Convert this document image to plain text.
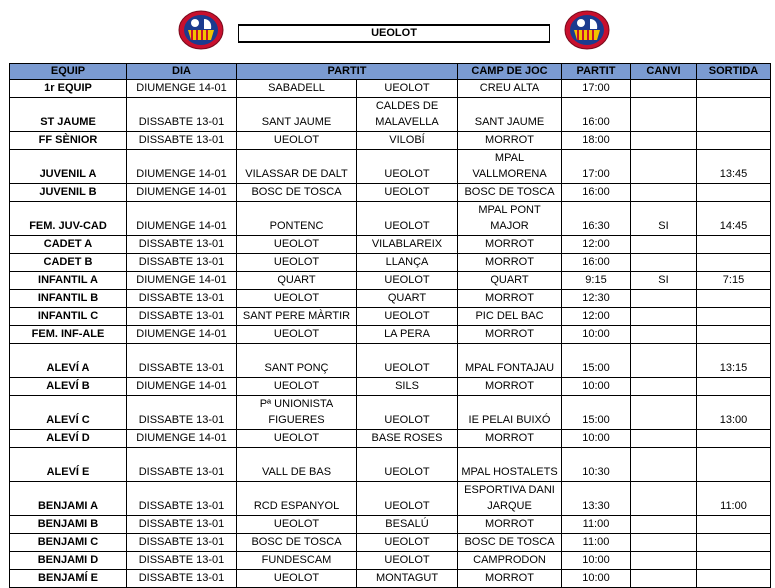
UEOLOT
EQUIP	DIA	PARTIT		CAMP DE JOC	PARTIT	CANVI	SORTIDA
1r EQUIP	DIUMENGE 14-01	SABADELL	UEOLOT	CREU ALTA	17:00		
ST JAUME	DISSABTE 13-01	SANT JAUME	CALDES DE MALAVELLA	SANT JAUME	16:00		
FF SÈNIOR	DISSABTE 13-01	UEOLOT	VILOBÍ	MORROT	18:00		
JUVENIL A	DIUMENGE 14-01	VILASSAR DE DALT	UEOLOT	MPAL VALLMORENA	17:00		13:45
JUVENIL B	DIUMENGE 14-01	BOSC DE TOSCA	UEOLOT	BOSC DE TOSCA	16:00		
FEM. JUV-CAD	DIUMENGE 14-01	PONTENC	UEOLOT	MPAL PONT MAJOR	16:30	SI	14:45
CADET A	DISSABTE 13-01	UEOLOT	VILABLAREIX	MORROT	12:00		
CADET B	DISSABTE 13-01	UEOLOT	LLANÇA	MORROT	16:00		
INFANTIL A	DIUMENGE 14-01	QUART	UEOLOT	QUART	9:15	SI	7:15
INFANTIL B	DISSABTE 13-01	UEOLOT	QUART	MORROT	12:30		
INFANTIL C	DISSABTE 13-01	SANT PERE MÀRTIR	UEOLOT	PIC DEL BAC	12:00		
FEM. INF-ALE	DIUMENGE 14-01	UEOLOT	LA PERA	MORROT	10:00		
ALEVÍ A	DISSABTE 13-01	SANT PONÇ	UEOLOT	MPAL FONTAJAU	15:00		13:15
ALEVÍ B	DIUMENGE 14-01	UEOLOT	SILS	MORROT	10:00		
ALEVÍ C	DISSABTE 13-01	Pª UNIONISTA FIGUERES	UEOLOT	IE PELAI BUIXÓ	15:00		13:00
ALEVÍ D	DIUMENGE 14-01	UEOLOT	BASE ROSES	MORROT	10:00		
ALEVÍ E	DISSABTE 13-01	VALL DE BAS	UEOLOT	MPAL HOSTALETS	10:30		
BENJAMI A	DISSABTE 13-01	RCD ESPANYOL	UEOLOT	ESPORTIVA DANI JARQUE	13:30		11:00
BENJAMI B	DISSABTE 13-01	UEOLOT	BESALÚ	MORROT	11:00		
BENJAMI C	DISSABTE 13-01	BOSC DE TOSCA	UEOLOT	BOSC DE TOSCA	11:00		
BENJAMI D	DISSABTE 13-01	FUNDESCAM	UEOLOT	CAMPRODON	10:00		
BENJAMÍ E	DISSABTE 13-01	UEOLOT	MONTAGUT	MORROT	10:00		
